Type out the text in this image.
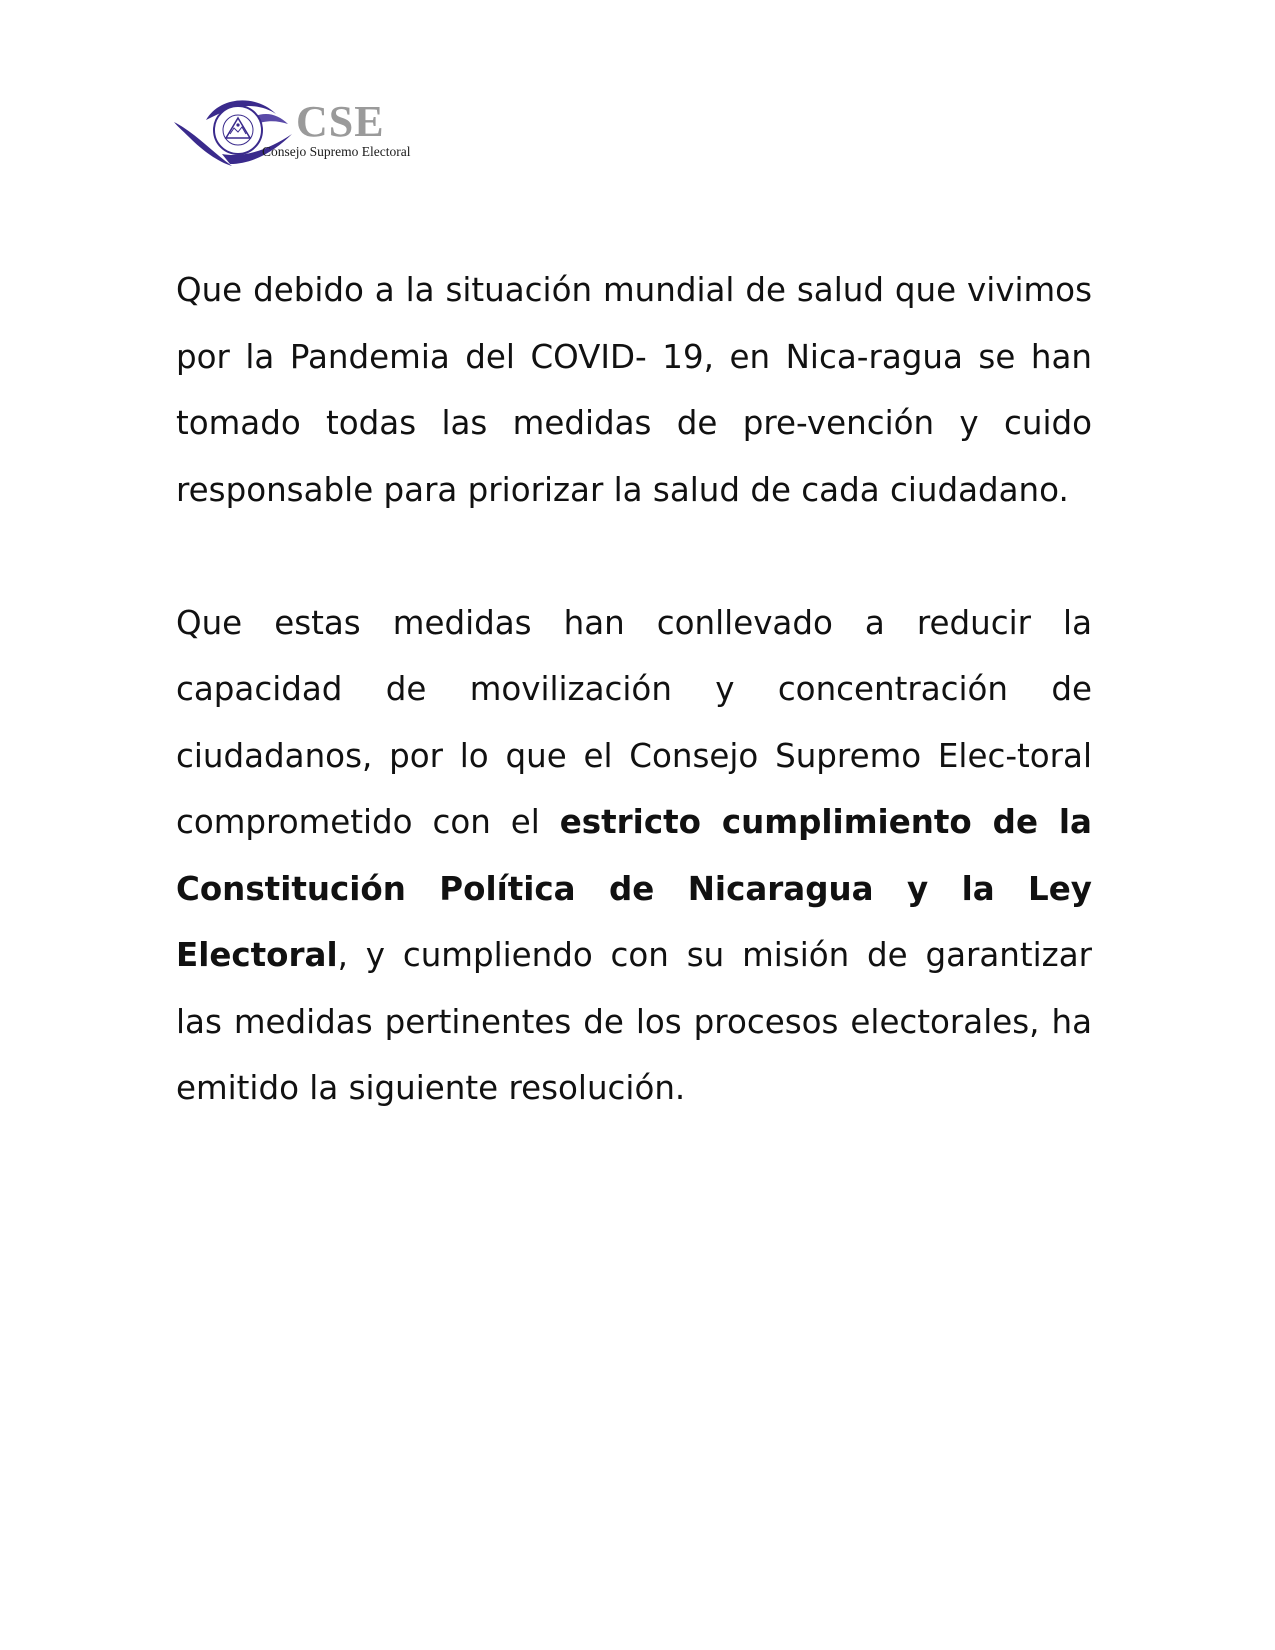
CSE
Consejo Supremo Electoral

Que debido a la situación mundial de salud que vivimos por la Pandemia del COVID- 19, en Nica-ragua se han tomado todas las medidas de pre-vención y cuido responsable para priorizar la salud de cada ciudadano.

Que estas medidas han conllevado a reducir la capacidad de movilización y concentración de ciudadanos, por lo que el Consejo Supremo Elec-toral comprometido con el estricto cumplimiento de la Constitución Política de Nicaragua y la Ley Electoral, y cumpliendo con su misión de garantizar las medidas pertinentes de los procesos electorales, ha emitido la siguiente resolución.
